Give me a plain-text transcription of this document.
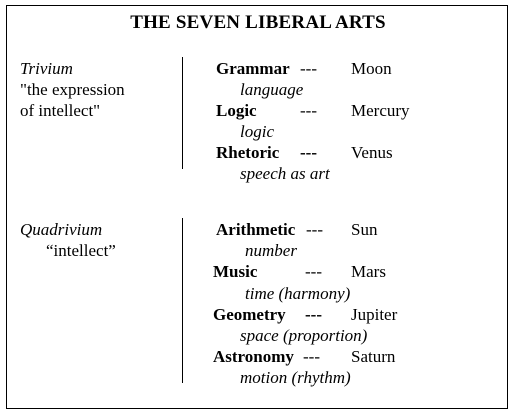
THE SEVEN LIBERAL ARTS
Trivium
"the expression
of intellect"
Grammar --- Moon
language
Logic	--- Mercury
logic
Rhetoric --- Venus
speech as art
Quadrivium
“intellect”
Arithmetic --- Sun
number
Music	--- Mars
time (harmony)
Geometry --- Jupiter
space (proportion)
Astronomy --- Saturn
motion (rhythm)
